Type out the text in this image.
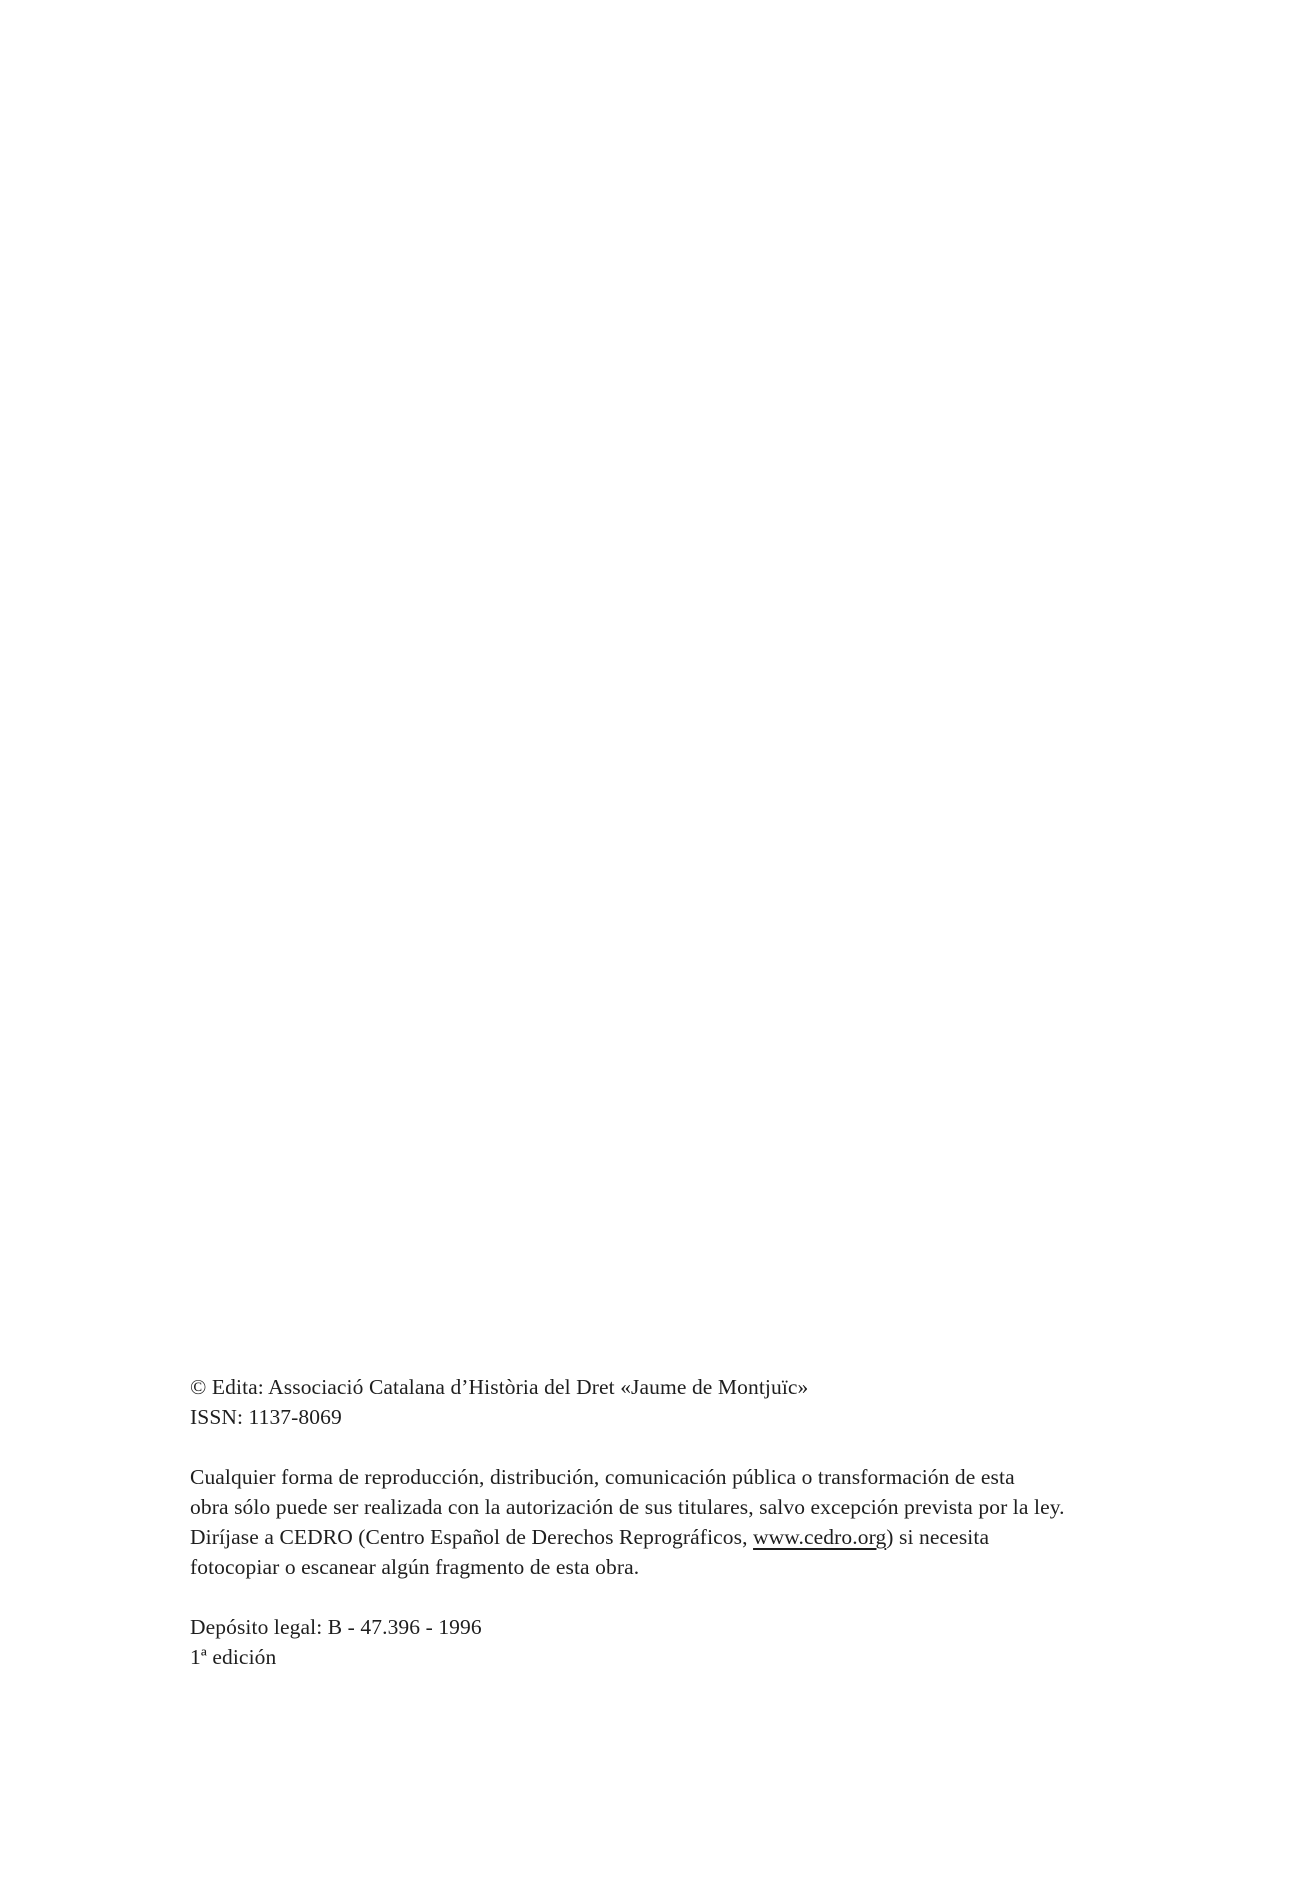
© Edita: Associació Catalana d’Història del Dret «Jaume de Montjuïc»
ISSN: 1137-8069
Cualquier forma de reproducción, distribución, comunicación pública o transformación de esta
obra sólo puede ser realizada con la autorización de sus titulares, salvo excepción prevista por la ley.
Diríjase a CEDRO (Centro Español de Derechos Reprográficos, www.cedro.org) si necesita
fotocopiar o escanear algún fragmento de esta obra.
Depósito legal: B - 47.396 - 1996
1ª edición
